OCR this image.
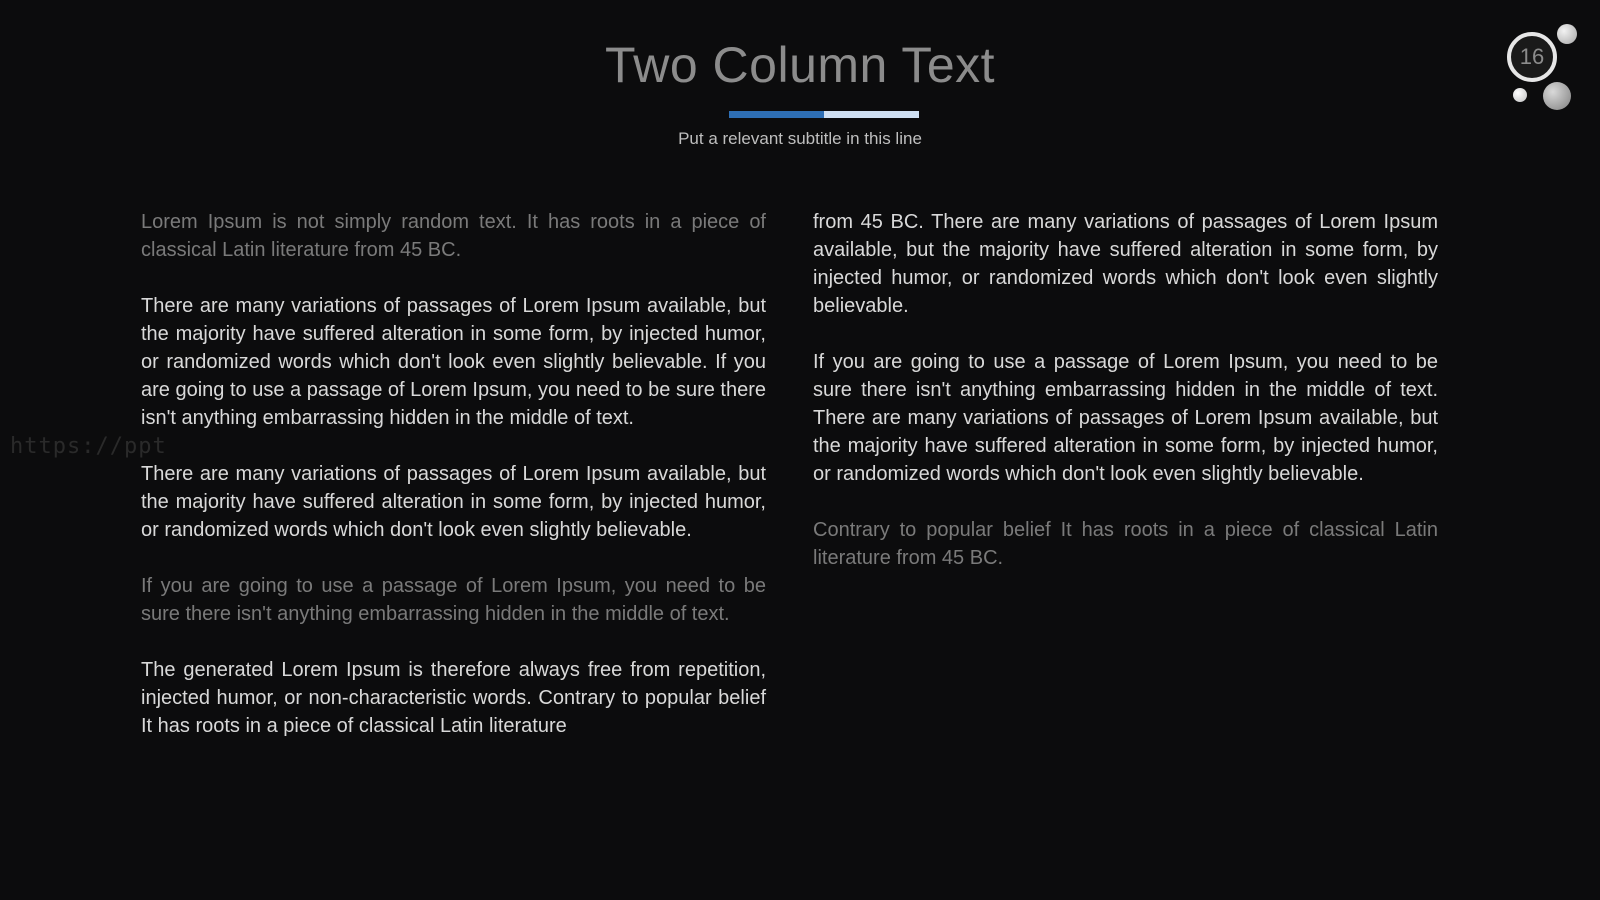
https://ppt
Two Column Text
Put a relevant subtitle in this line
16

Lorem Ipsum is not simply random text. It has roots in a piece of classical Latin literature from 45 BC.

There are many variations of passages of Lorem Ipsum available, but the majority have suffered alteration in some form, by injected humor, or randomized words which don't look even slightly believable. If you are going to use a passage of Lorem Ipsum, you need to be sure there isn't anything embarrassing hidden in the middle of text.

There are many variations of passages of Lorem Ipsum available, but the majority have suffered alteration in some form, by injected humor, or randomized words which don't look even slightly believable.

If you are going to use a passage of Lorem Ipsum, you need to be sure there isn't anything embarrassing hidden in the middle of text.

The generated Lorem Ipsum is therefore always free from repetition, injected humor, or non-characteristic words. Contrary to popular belief It has roots in a piece of classical Latin literature

from 45 BC. There are many variations of passages of Lorem Ipsum available, but the majority have suffered alteration in some form, by injected humor, or randomized words which don't look even slightly believable.

If you are going to use a passage of Lorem Ipsum, you need to be sure there isn't anything embarrassing hidden in the middle of text. There are many variations of passages of Lorem Ipsum available, but the majority have suffered alteration in some form, by injected humor, or randomized words which don't look even slightly believable.

Contrary to popular belief It has roots in a piece of classical Latin literature from 45 BC.
